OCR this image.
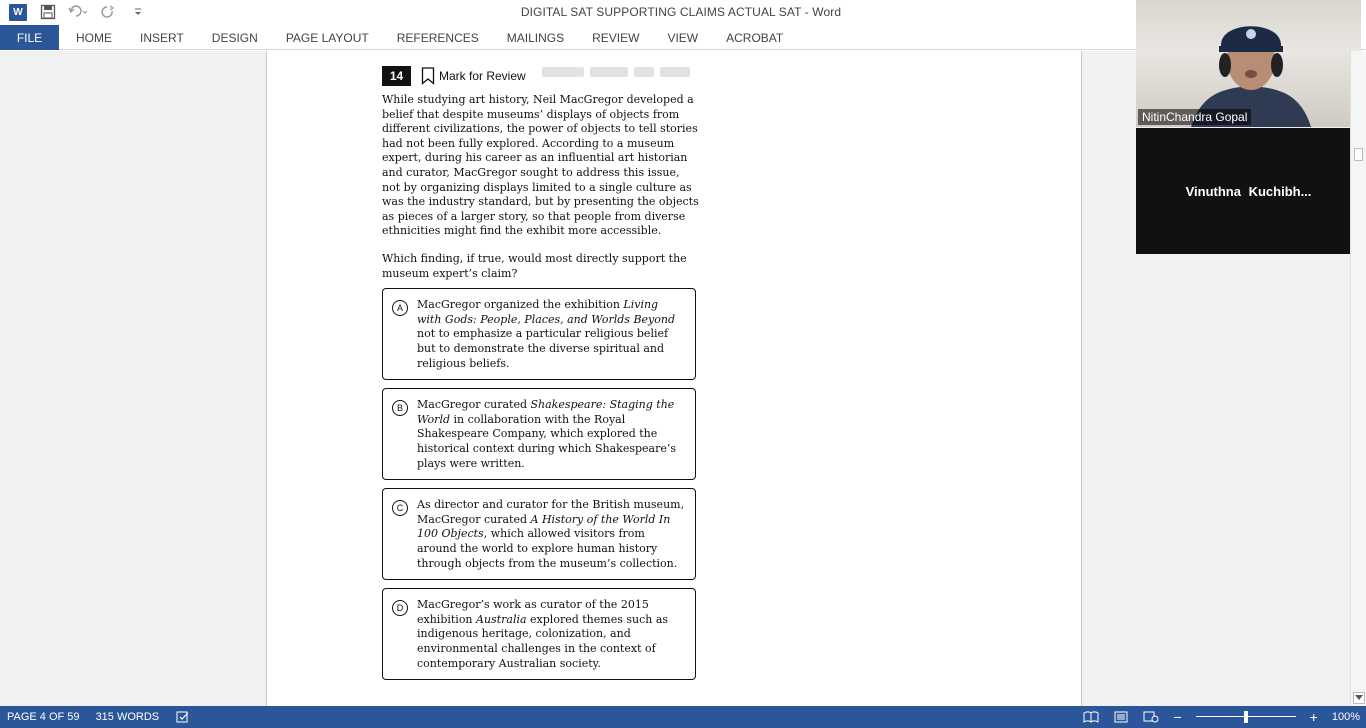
W	DIGITAL SAT SUPPORTING CLAIMS ACTUAL SAT - Word
FILE	HOME	INSERT	DESIGN	PAGE LAYOUT	REFERENCES	MAILINGS	REVIEW	VIEW	ACROBAT
14	Mark for Review
While studying art history, Neil MacGregor developed a belief that despite museums’ displays of objects from different civilizations, the power of objects to tell stories had not been fully explored. According to a museum expert, during his career as an influential art historian and curator, MacGregor sought to address this issue, not by organizing displays limited to a single culture as was the industry standard, but by presenting the objects as pieces of a larger story, so that people from diverse ethnicities might find the exhibit more accessible.
Which finding, if true, would most directly support the museum expert’s claim?
A	MacGregor organized the exhibition Living with Gods: People, Places, and Worlds Beyond not to emphasize a particular religious belief but to demonstrate the diverse spiritual and religious beliefs.
B	MacGregor curated Shakespeare: Staging the World in collaboration with the Royal Shakespeare Company, which explored the historical context during which Shakespeare’s plays were written.
C	As director and curator for the British museum, MacGregor curated A History of the World In 100 Objects, which allowed visitors from around the world to explore human history through objects from the museum’s collection.
D	MacGregor’s work as curator of the 2015 exhibition Australia explored themes such as indigenous heritage, colonization, and environmental challenges in the context of contemporary Australian society.
NitinChandra Gopal
Vinuthna Kuchibh...
PAGE 4 OF 59 315 WORDS	−	+ 100%
